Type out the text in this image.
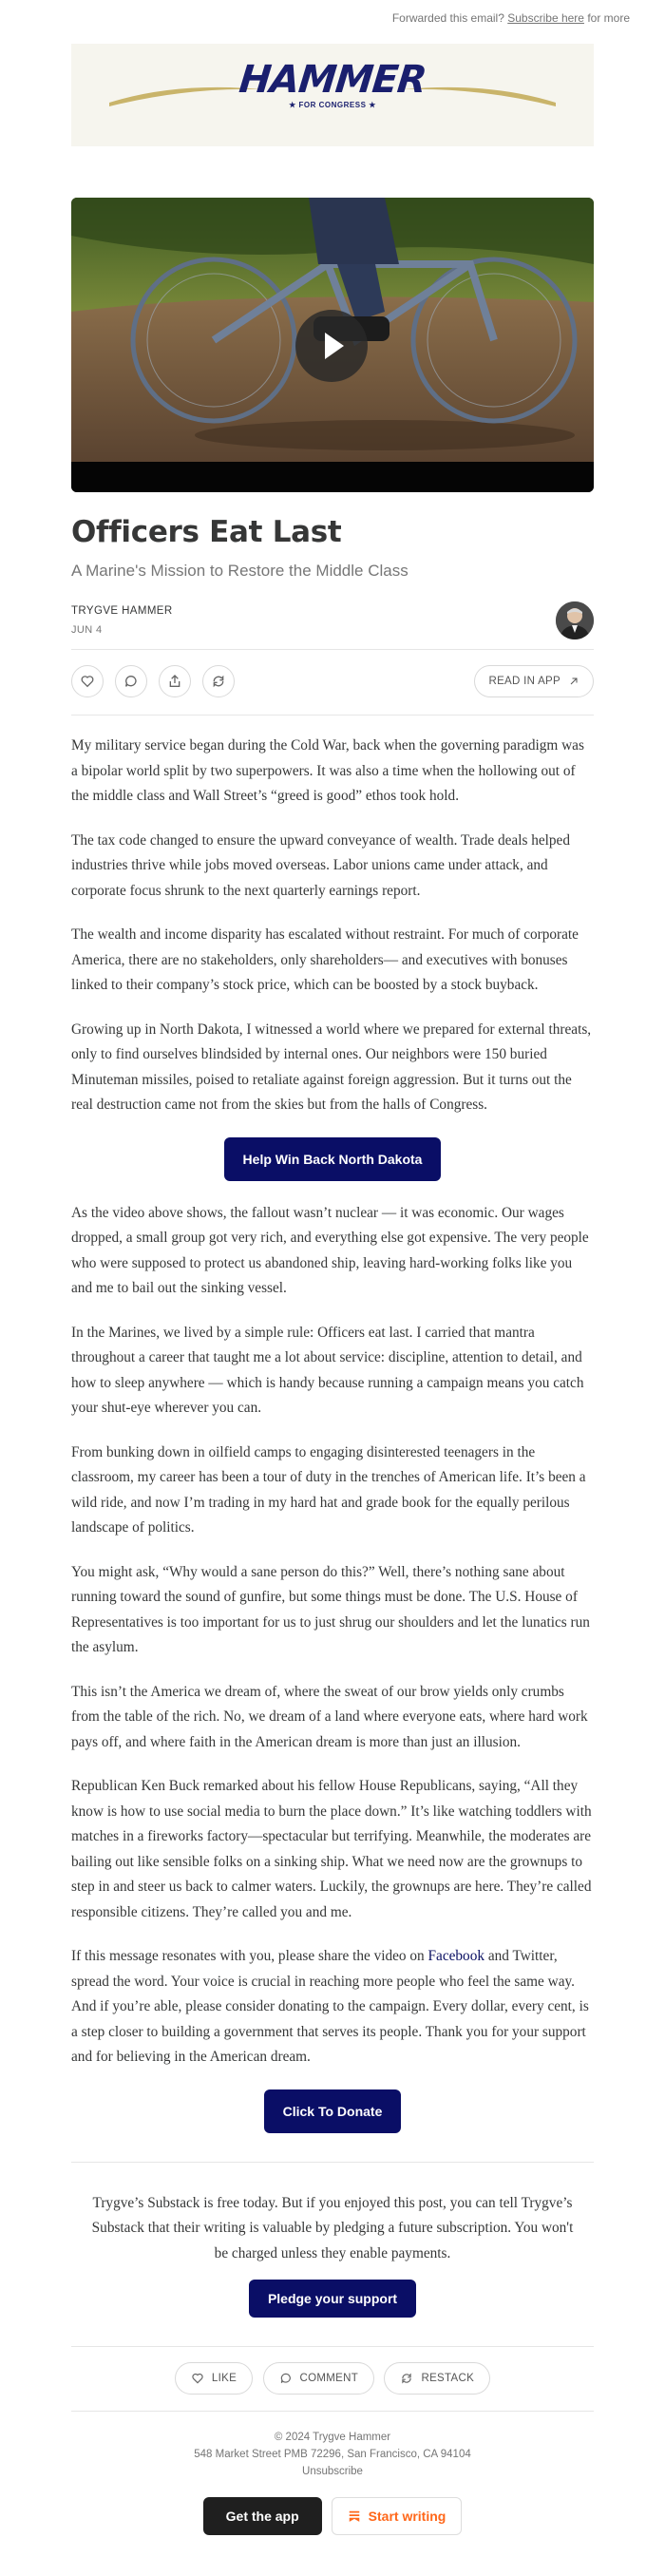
Forwarded this email? Subscribe here for more
HAMMER
★ FOR CONGRESS ★
Officers Eat Last
A Marine's Mission to Restore the Middle Class
TRYGVE HAMMER
JUN 4
READ IN APP

My military service began during the Cold War, back when the governing paradigm was a bipolar world split by two superpowers. It was also a time when the hollowing out of the middle class and Wall Street’s “greed is good” ethos took hold.

The tax code changed to ensure the upward conveyance of wealth. Trade deals helped industries thrive while jobs moved overseas. Labor unions came under attack, and corporate focus shrunk to the next quarterly earnings report.

The wealth and income disparity has escalated without restraint. For much of corporate America, there are no stakeholders, only shareholders— and executives with bonuses linked to their company’s stock price, which can be boosted by a stock buyback.

Growing up in North Dakota, I witnessed a world where we prepared for external threats, only to find ourselves blindsided by internal ones. Our neighbors were 150 buried Minuteman missiles, poised to retaliate against foreign aggression. But it turns out the real destruction came not from the skies but from the halls of Congress.

Help Win Back North Dakota

As the video above shows, the fallout wasn’t nuclear — it was economic. Our wages dropped, a small group got very rich, and everything else got expensive. The very people who were supposed to protect us abandoned ship, leaving hard-working folks like you and me to bail out the sinking vessel.

In the Marines, we lived by a simple rule: Officers eat last. I carried that mantra throughout a career that taught me a lot about service: discipline, attention to detail, and how to sleep anywhere — which is handy because running a campaign means you catch your shut-eye wherever you can.

From bunking down in oilfield camps to engaging disinterested teenagers in the classroom, my career has been a tour of duty in the trenches of American life. It’s been a wild ride, and now I’m trading in my hard hat and grade book for the equally perilous landscape of politics.

You might ask, “Why would a sane person do this?” Well, there’s nothing sane about running toward the sound of gunfire, but some things must be done. The U.S. House of Representatives is too important for us to just shrug our shoulders and let the lunatics run the asylum.

This isn’t the America we dream of, where the sweat of our brow yields only crumbs from the table of the rich. No, we dream of a land where everyone eats, where hard work pays off, and where faith in the American dream is more than just an illusion.

Republican Ken Buck remarked about his fellow House Republicans, saying, “All they know is how to use social media to burn the place down.” It’s like watching toddlers with matches in a fireworks factory—spectacular but terrifying. Meanwhile, the moderates are bailing out like sensible folks on a sinking ship. What we need now are the grownups to step in and steer us back to calmer waters. Luckily, the grownups are here. They’re called responsible citizens. They’re called you and me.

If this message resonates with you, please share the video on Facebook and Twitter, spread the word. Your voice is crucial in reaching more people who feel the same way. And if you’re able, please consider donating to the campaign. Every dollar, every cent, is a step closer to building a government that serves its people. Thank you for your support and for believing in the American dream.

Click To Donate
Trygve’s Substack is free today. But if you enjoyed this post, you can tell Trygve’s Substack that their writing is valuable by pledging a future subscription. You won't be charged unless they enable payments.
Pledge your support
LIKE
	COMMENT
	RESTACK
© 2024 Trygve Hammer
548 Market Street PMB 72296, San Francisco, CA 94104
Unsubscribe
Get the app	Start writing
